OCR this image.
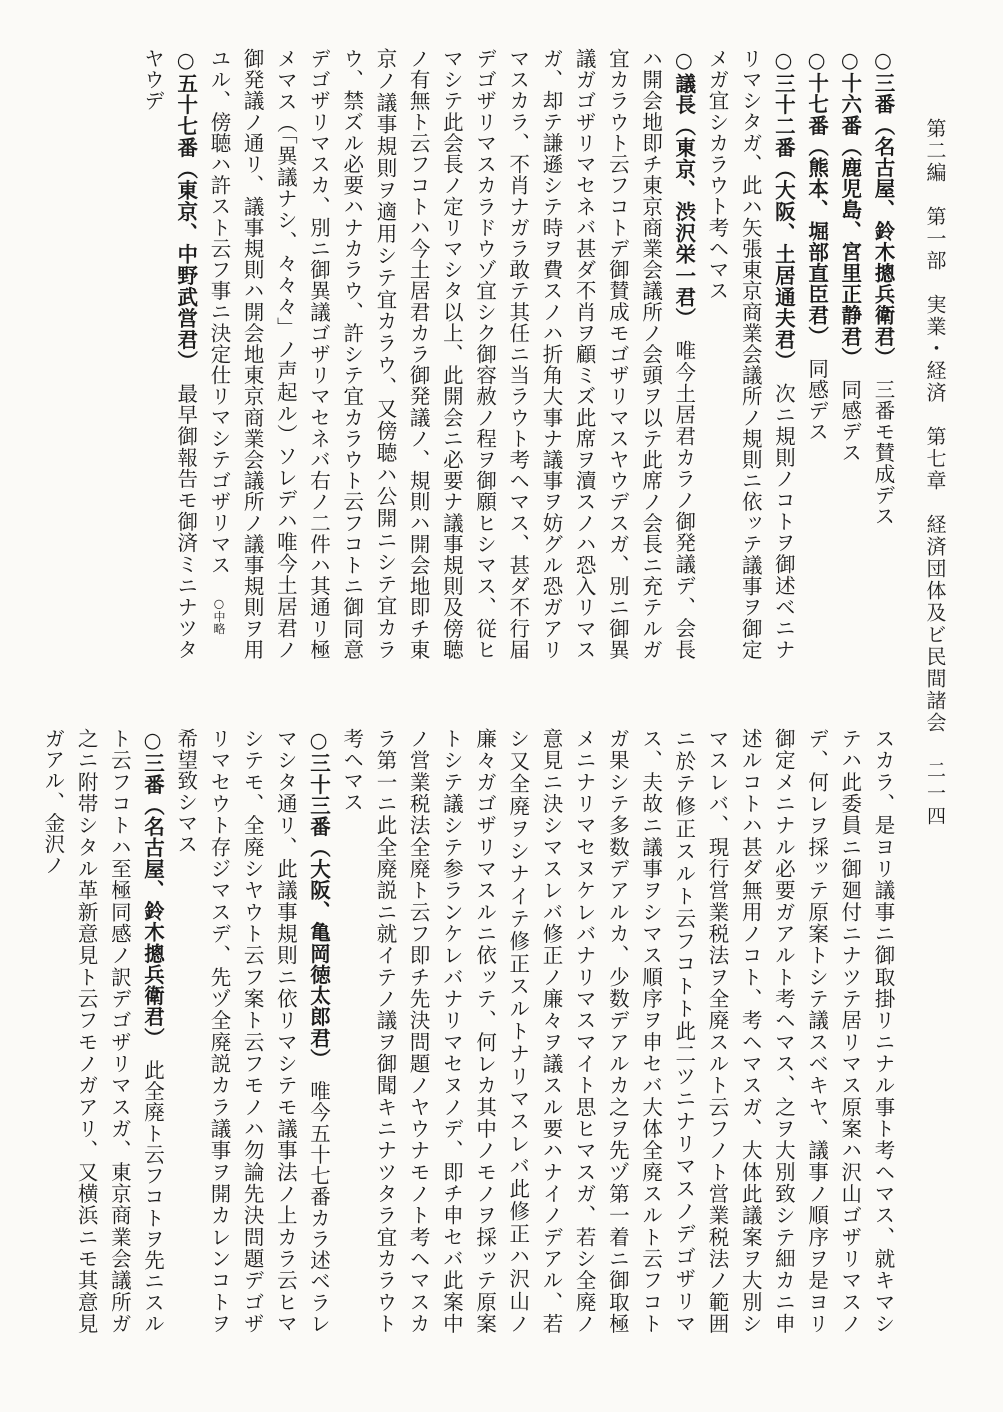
第二編　第一部　実業・経済　第七章　経済団体及ビ民間諸会
二一四
○三番（名古屋、鈴木摠兵衛君）　三番モ賛成デス
○十六番（鹿児島、宮里正静君）　同感デス
○十七番（熊本、堀部直臣君）　同感デス
○三十二番（大阪、土居通夫君）　次ニ規則ノコトヲ御述ベニナリマシタガ、此ハ矢張東京商業会議所ノ規則ニ依ッテ議事ヲ御定メガ宜シカラウト考ヘマス
○議長（東京、渋沢栄一君）　唯今土居君カラノ御発議デ、会長ハ開会地即チ東京商業会議所ノ会頭ヲ以テ此席ノ会長ニ充テルガ宜カラウト云フコトデ御賛成モゴザリマスヤウデスガ、別ニ御異議ガゴザリマセネバ甚ダ不肖ヲ顧ミズ此席ヲ瀆スノハ恐入リマスガ、却テ謙遜シテ時ヲ費スノハ折角大事ナ議事ヲ妨グル恐ガアリマスカラ、不肖ナガラ敢テ其任ニ当ラウト考ヘマス、甚ダ不行届デゴザリマスカラドウゾ宜シク御容赦ノ程ヲ御願ヒシマス、従ヒマシテ此会長ノ定リマシタ以上、此開会ニ必要ナ議事規則及傍聴ノ有無ト云フコトハ今土居君カラ御発議ノ、規則ハ開会地即チ東京ノ議事規則ヲ適用シテ宜カラウ、又傍聴ハ公開ニシテ宜カラウ、禁ズル必要ハナカラウ、許シテ宜カラウト云フコトニ御同意デゴザリマスカ、別ニ御異議ゴザリマセネバ右ノ二件ハ其通リ極メマス（「異議ナシ、々々々」ノ声起ル）ソレデハ唯今土居君ノ御発議ノ通リ、議事規則ハ開会地東京商業会議所ノ議事規則ヲ用ユル、傍聴ハ許スト云フ事ニ決定仕リマシテゴザリマス　○中略
○五十七番（東京、中野武営君）　最早御報告モ御済ミニナツタヤウデ
スカラ、是ヨリ議事ニ御取掛リニナル事ト考ヘマス、就キマシテハ此委員ニ御廻付ニナツテ居リマス原案ハ沢山ゴザリマスノデ、何レヲ採ッテ原案トシテ議スベキヤ、議事ノ順序ヲ是ヨリ御定メニナル必要ガアルト考ヘマス、之ヲ大別致シテ細カニ申述ルコトハ甚ダ無用ノコト、考ヘマスガ、大体此議案ヲ大別シマスレバ、現行営業税法ヲ全廃スルト云フノト営業税法ノ範囲ニ於テ修正スルト云フコトト此二ツニナリマスノデゴザリマス、夫故ニ議事ヲシマス順序ヲ申セバ大体全廃スルト云フコトガ果シテ多数デアルカ、少数デアルカ之ヲ先ヅ第一着ニ御取極メニナリマセヌケレバナリマスマイト思ヒマスガ、若シ全廃ノ意見ニ決シマスレバ修正ノ廉々ヲ議スル要ハナイノデアル、若シ又全廃ヲシナイテ修正スルトナリマスレバ此修正ハ沢山ノ廉々ガゴザリマスルニ依ッテ、何レカ其中ノモノヲ採ッテ原案トシテ議シテ参ランケレバナリマセヌノデ、即チ申セバ此案中ノ営業税法全廃ト云フ即チ先決問題ノヤウナモノト考ヘマスカラ第一ニ此全廃説ニ就イテノ議ヲ御聞キニナツタラ宜カラウト考ヘマス
○三十三番（大阪、亀岡徳太郎君）　唯今五十七番カラ述ベラレマシタ通リ、此議事規則ニ依リマシテモ議事法ノ上カラ云ヒマシテモ、全廃シヤウト云フ案ト云フモノハ勿論先決問題デゴザリマセウト存ジマスデ、先ヅ全廃説カラ議事ヲ開カレンコトヲ希望致シマス
○三番（名古屋、鈴木摠兵衛君）　此全廃ト云フコトヲ先ニスルト云フコトハ至極同感ノ訳デゴザリマスガ、東京商業会議所ガ之ニ附帯シタル革新意見ト云フモノガアリ、又横浜ニモ其意見ガアル、金沢ノ
